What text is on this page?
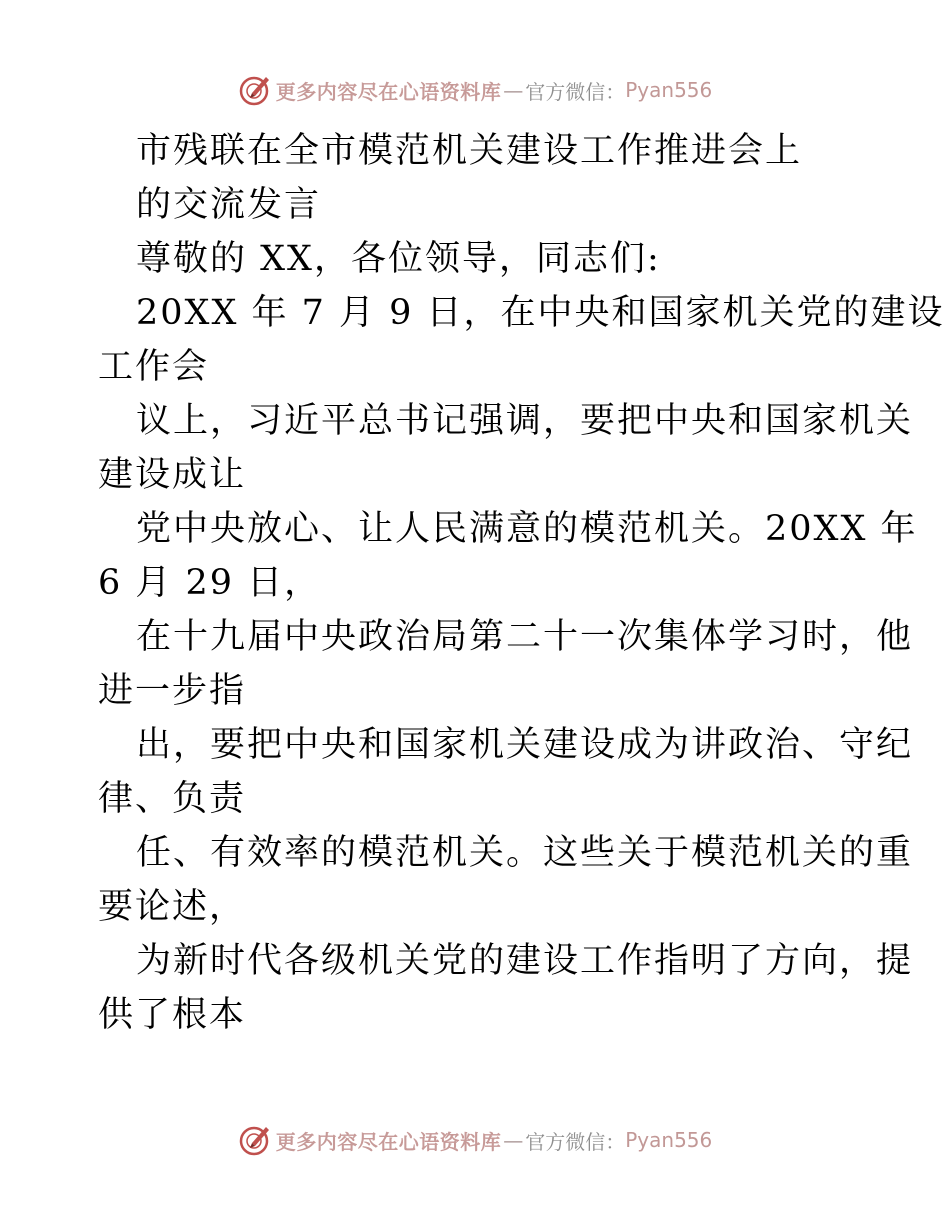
更多内容尽在心语资料库 — 官方微信： Pyan556
市残联在全市模范机关建设工作推进会上
的交流发言
尊敬的 XX，各位领导，同志们:
20XX 年 7 月 9 日，在中央和国家机关党的建设
工作会
议上，习近平总书记强调，要把中央和国家机关
建设成让
党中央放心、让人民满意的模范机关。20XX 年
6 月 29 日，
在十九届中央政治局第二十一次集体学习时，他
进一步指
出，要把中央和国家机关建设成为讲政治、守纪
律、负责
任、有效率的模范机关。这些关于模范机关的重
要论述，
为新时代各级机关党的建设工作指明了方向，提
供了根本
更多内容尽在心语资料库 — 官方微信： Pyan556
